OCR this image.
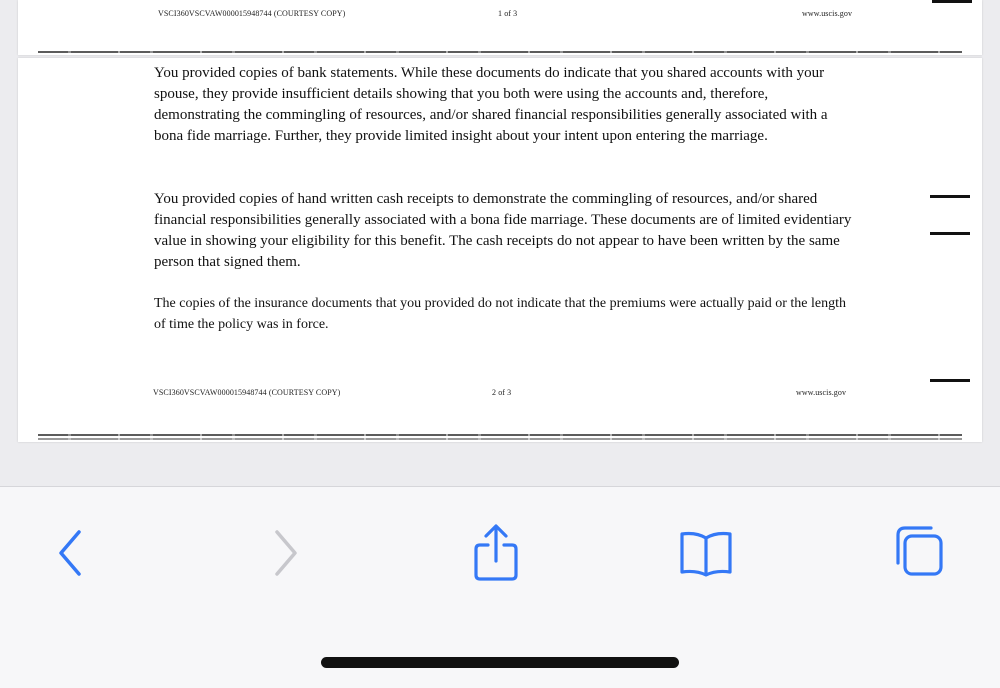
VSCI360VSCVAW000015948744 (COURTESY COPY)	1 of 3	www.uscis.gov

You provided copies of bank statements. While these documents do indicate that you shared accounts with your spouse, they provide insufficient details showing that you both were using the accounts and, therefore, demonstrating the commingling of resources, and/or shared financial responsibilities generally associated with a bona fide marriage. Further, they provide limited insight about your intent upon entering the marriage.

You provided copies of hand written cash receipts to demonstrate the commingling of resources, and/or shared financial responsibilities generally associated with a bona fide marriage. These documents are of limited evidentiary value in showing your eligibility for this benefit. The cash receipts do not appear to have been written by the same person that signed them.

The copies of the insurance documents that you provided do not indicate that the premiums were actually paid or the length of time the policy was in force.

VSCI360VSCVAW000015948744 (COURTESY COPY)	2 of 3	www.uscis.gov
